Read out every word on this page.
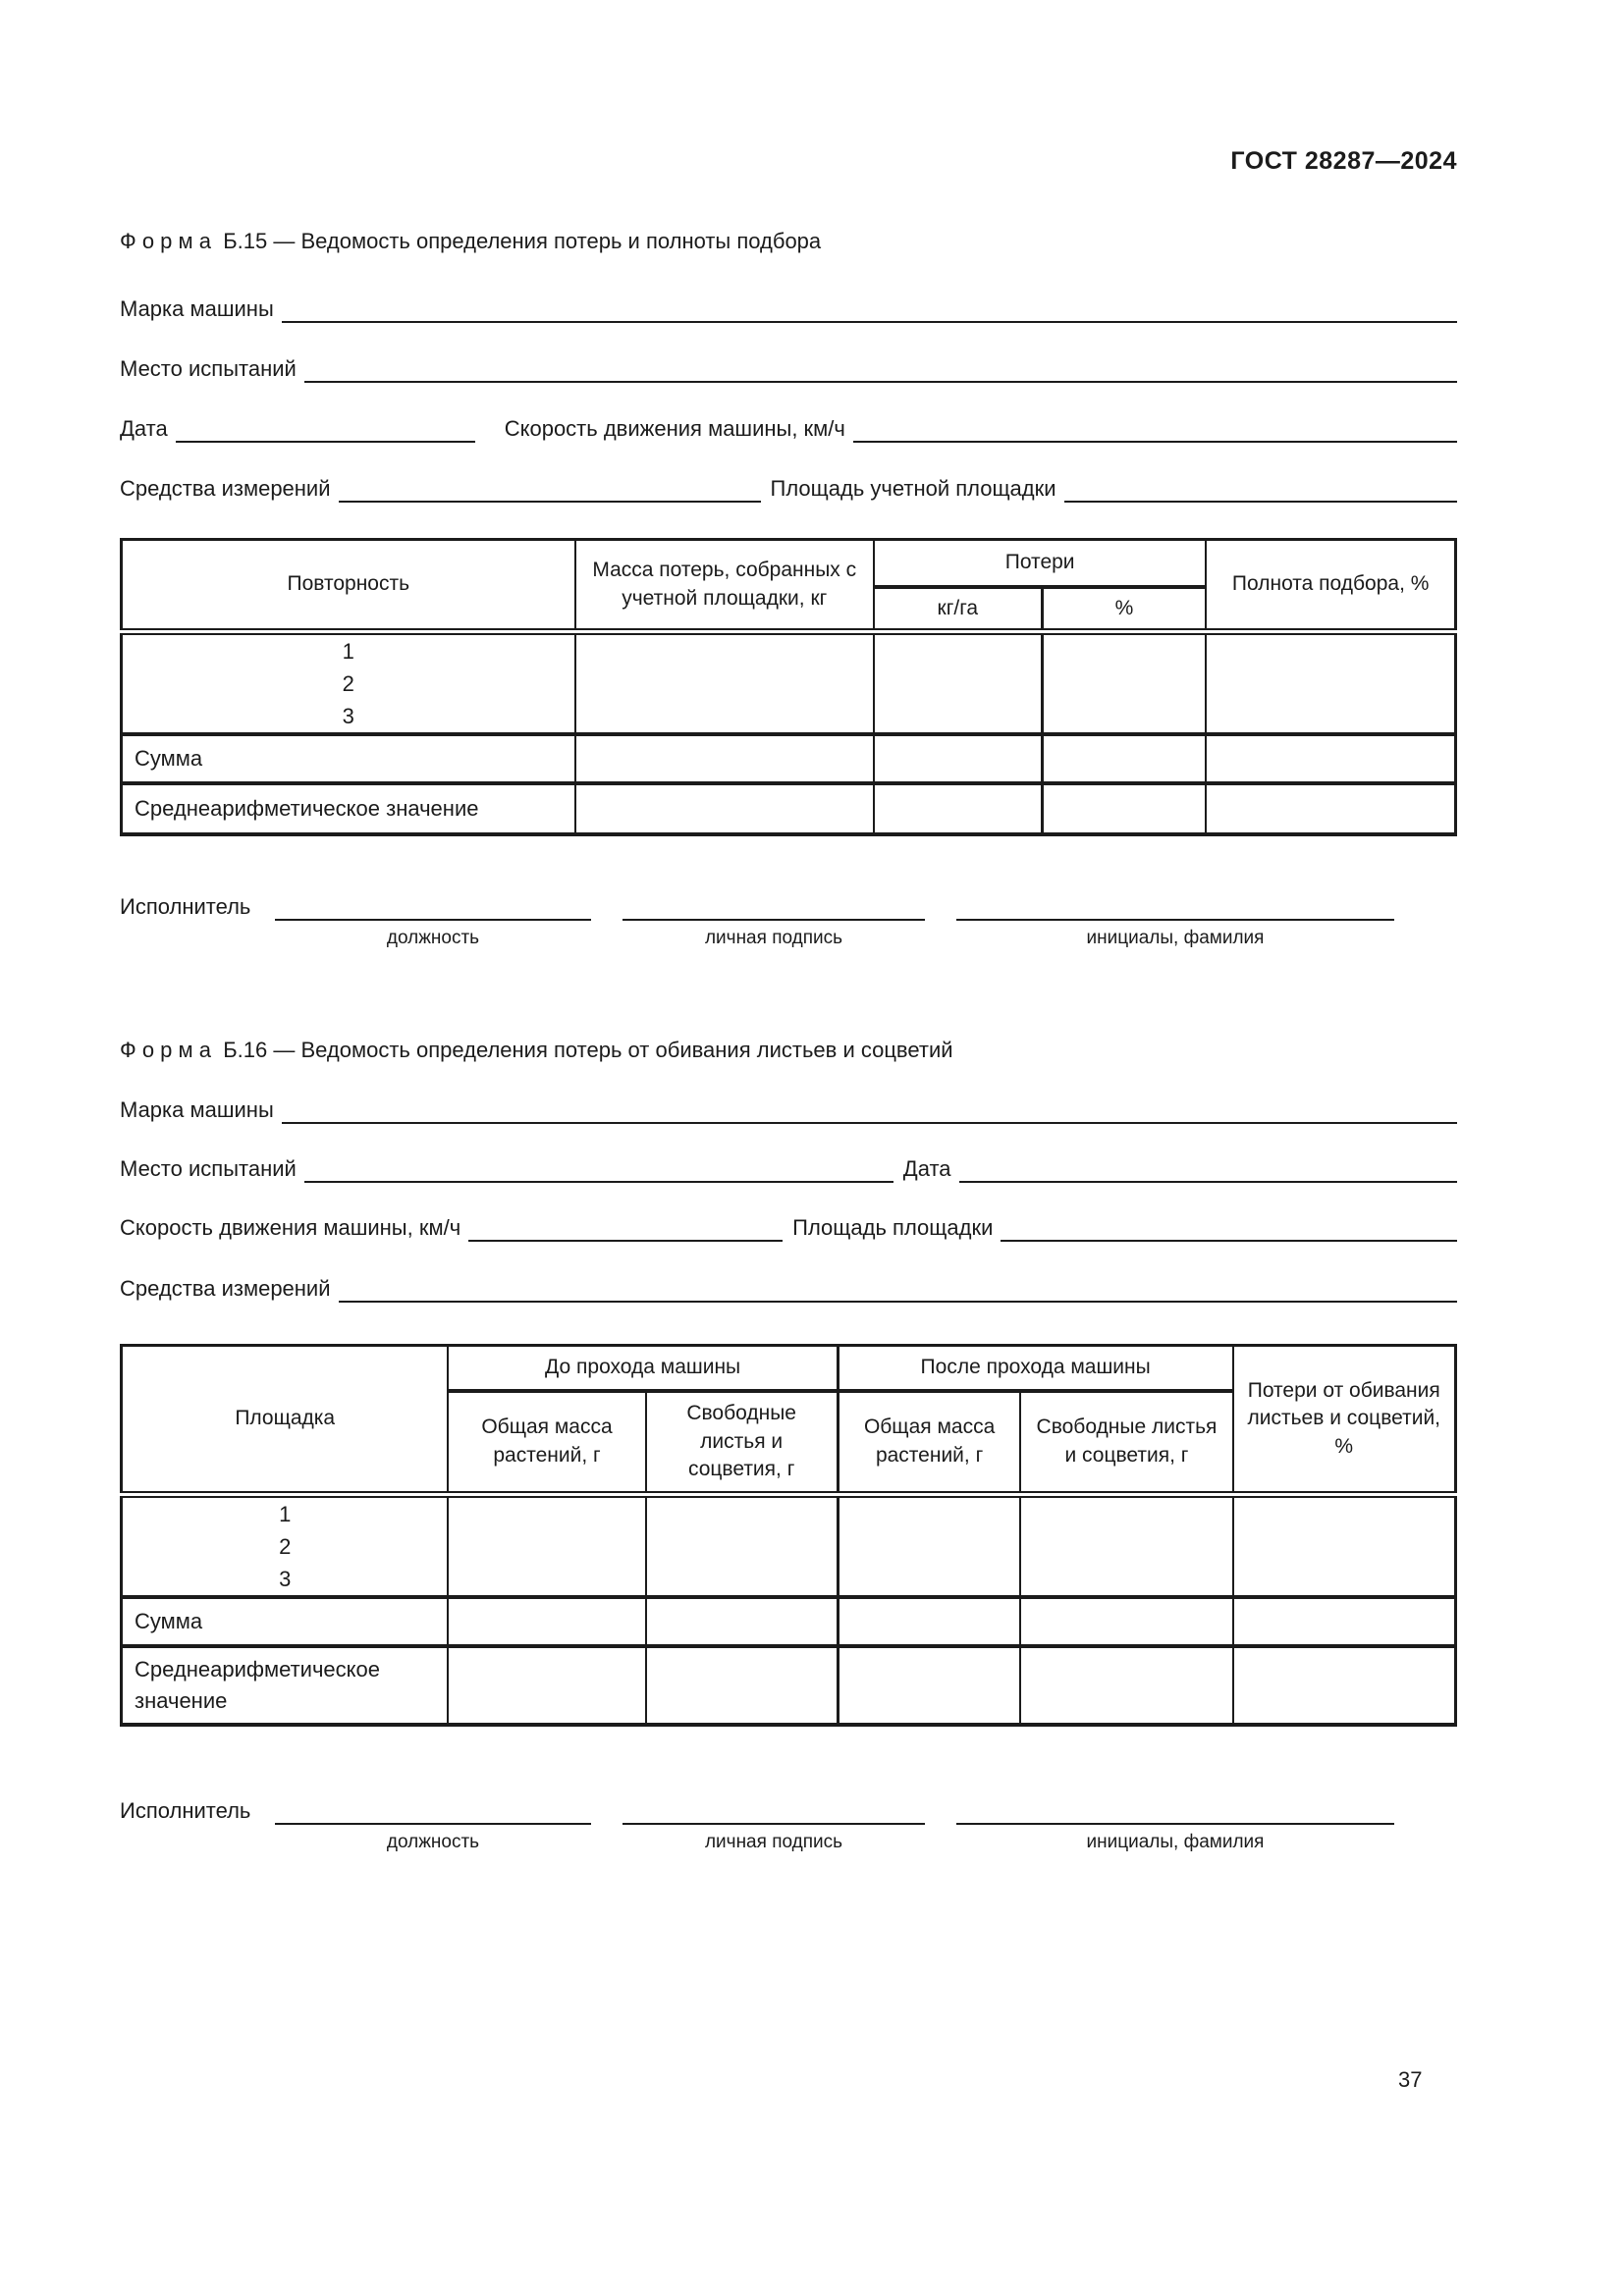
ГОСТ 28287—2024
Ф о р м а  Б.15 — Ведомость определения потерь и полноты подбора
Марка машины
Место испытаний
Дата	Скорость движения машины, км/ч
Средства измерений	Площадь учетной площадки
Повторность	Масса потерь, собранных с учетной площадки, кг	Потери		Полнота подбора, %
		кг/га	%	

1
2
3				

Сумма				
Среднеарифметическое значение				
Исполнитель
должность	личная подпись	инициалы, фамилия
Ф о р м а  Б.16 — Ведомость определения потерь от обивания листьев и соцветий
Марка машины
Место испытаний	Дата
Скорость движения машины, км/ч	Площадь площадки
Средства измерений
Площадка	До прохода машины		После прохода машины		Потери от обивания листьев и соцветий, %
	Общая масса растений, г	Свободные листья и соцветия, г	Общая масса растений, г	Свободные листья и соцветия, г	

1
2
3					

Сумма					
Среднеарифметическое значение					
Исполнитель
должность	личная подпись	инициалы, фамилия
37
